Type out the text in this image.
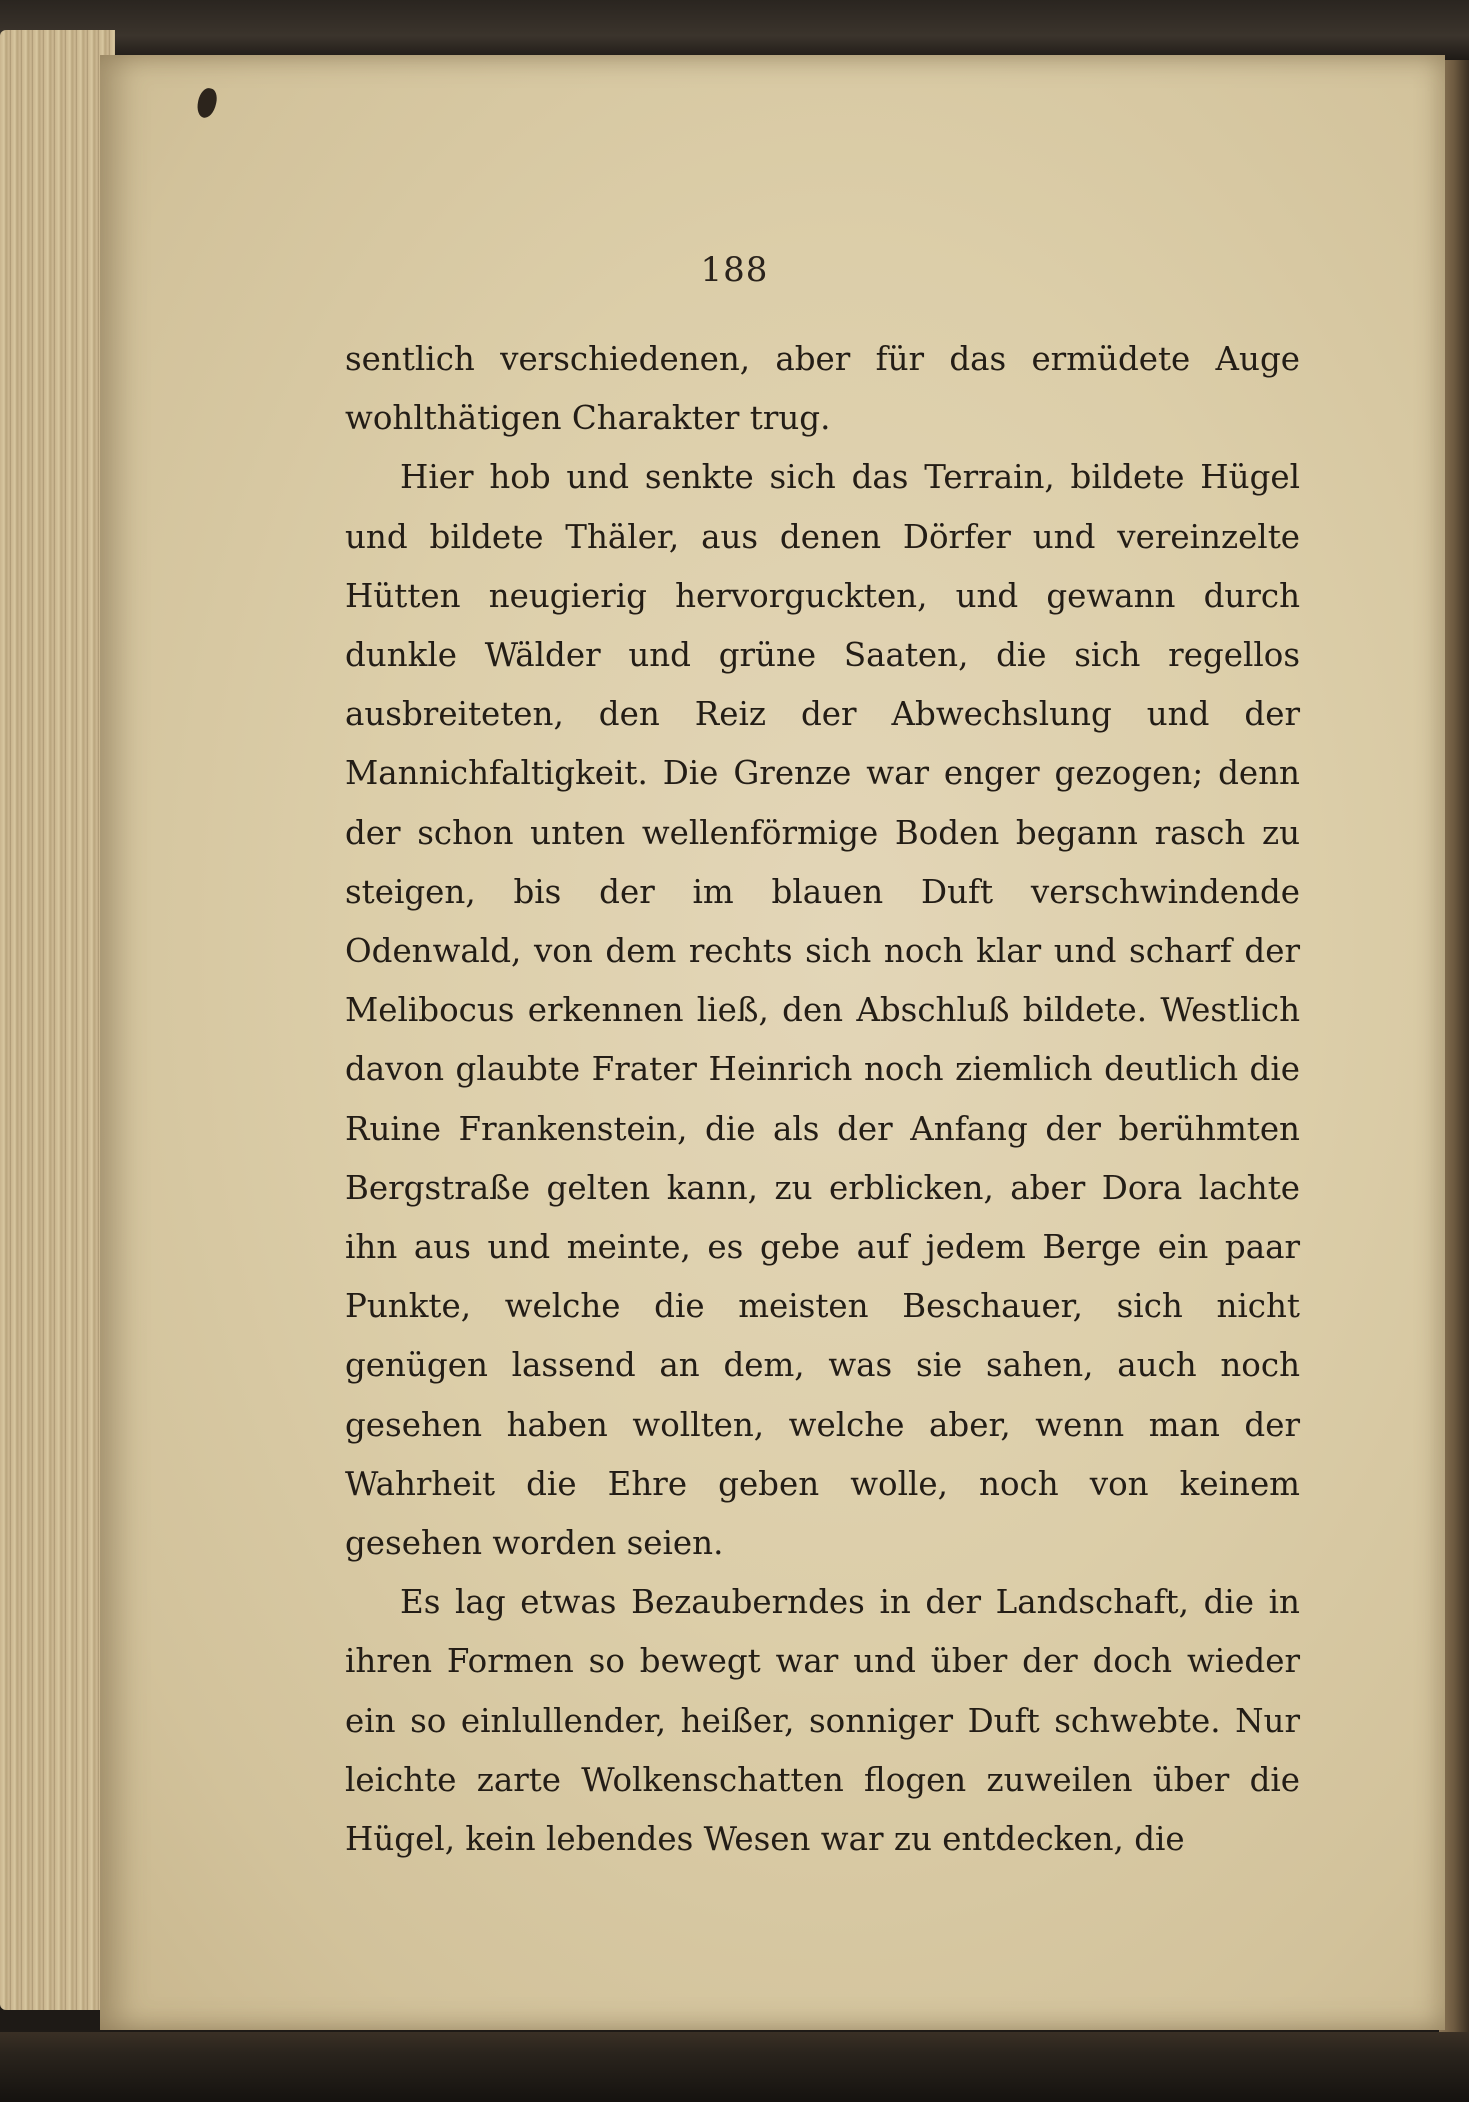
188

sentlich verschiedenen, aber für das ermüdete Auge wohlthätigen Charakter trug.

Hier hob und senkte sich das Terrain, bildete Hügel und bildete Thäler, aus denen Dörfer und vereinzelte Hütten neugierig hervorguckten, und gewann durch dunkle Wälder und grüne Saaten, die sich regellos ausbreiteten, den Reiz der Abwechslung und der Mannichfaltigkeit. Die Grenze war enger gezogen; denn der schon unten wellenförmige Boden begann rasch zu steigen, bis der im blauen Duft verschwindende Odenwald, von dem rechts sich noch klar und scharf der Melibocus erkennen ließ, den Abschluß bildete. Westlich davon glaubte Frater Heinrich noch ziemlich deutlich die Ruine Frankenstein, die als der Anfang der berühmten Bergstraße gelten kann, zu erblicken, aber Dora lachte ihn aus und meinte, es gebe auf jedem Berge ein paar Punkte, welche die meisten Beschauer, sich nicht genügen lassend an dem, was sie sahen, auch noch gesehen haben wollten, welche aber, wenn man der Wahrheit die Ehre geben wolle, noch von keinem gesehen worden seien.

Es lag etwas Bezauberndes in der Landschaft, die in ihren Formen so bewegt war und über der doch wieder ein so einlullender, heißer, sonniger Duft schwebte. Nur leichte zarte Wolkenschatten flogen zuweilen über die Hügel, kein lebendes Wesen war zu entdecken, die
